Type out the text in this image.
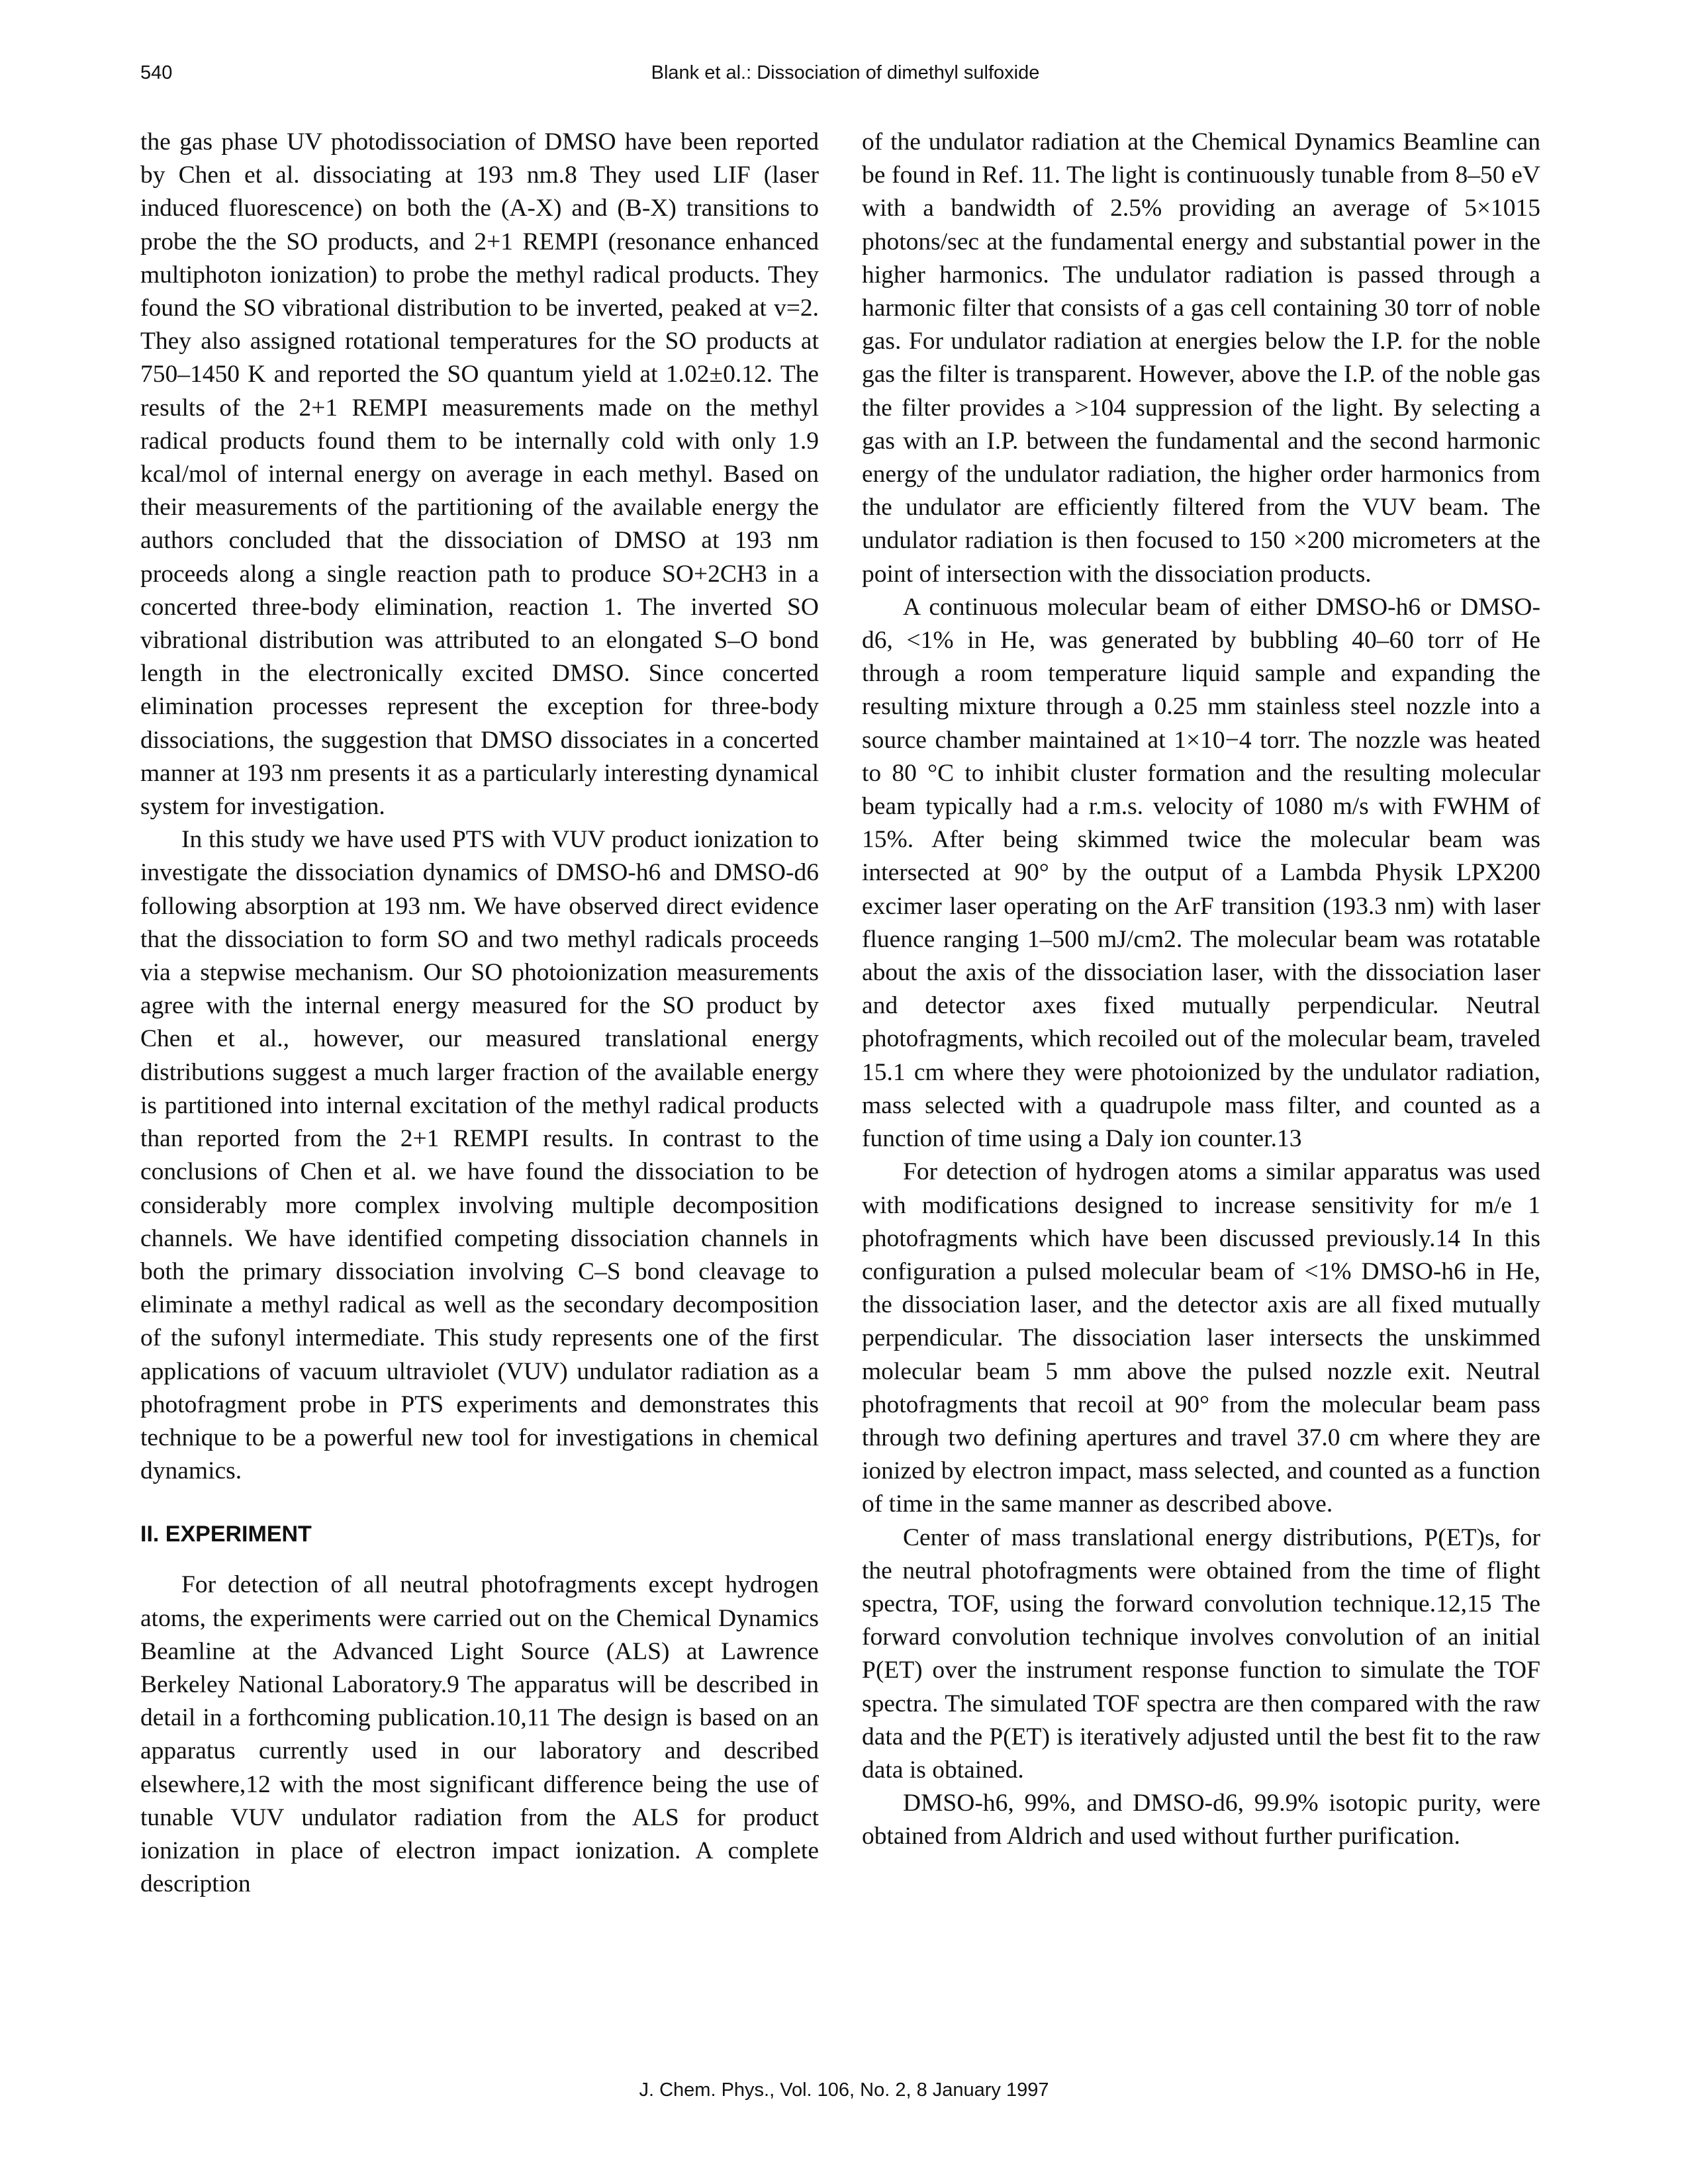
540	Blank et al.: Dissociation of dimethyl sulfoxide

the gas phase UV photodissociation of DMSO have been reported by Chen et al. dissociating at 193 nm.8 They used LIF (laser induced fluorescence) on both the (A-X) and (B-X) transitions to probe the the SO products, and 2+1 REMPI (resonance enhanced multiphoton ionization) to probe the methyl radical products. They found the SO vibrational distribution to be inverted, peaked at v=2. They also assigned rotational temperatures for the SO products at 750–1450 K and reported the SO quantum yield at 1.02±0.12. The results of the 2+1 REMPI measurements made on the methyl radical products found them to be internally cold with only 1.9 kcal/mol of internal energy on average in each methyl. Based on their measurements of the partitioning of the available energy the authors concluded that the dissociation of DMSO at 193 nm proceeds along a single reaction path to produce SO+2CH3 in a concerted three-body elimination, reaction 1. The inverted SO vibrational distribution was attributed to an elongated S–O bond length in the electronically excited DMSO. Since concerted elimination processes represent the exception for three-body dissociations, the suggestion that DMSO dissociates in a concerted manner at 193 nm presents it as a particularly interesting dynamical system for investigation.

In this study we have used PTS with VUV product ionization to investigate the dissociation dynamics of DMSO-h6 and DMSO-d6 following absorption at 193 nm. We have observed direct evidence that the dissociation to form SO and two methyl radicals proceeds via a stepwise mechanism. Our SO photoionization measurements agree with the internal energy measured for the SO product by Chen et al., however, our measured translational energy distributions suggest a much larger fraction of the available energy is partitioned into internal excitation of the methyl radical products than reported from the 2+1 REMPI results. In contrast to the conclusions of Chen et al. we have found the dissociation to be considerably more complex involving multiple decomposition channels. We have identified competing dissociation channels in both the primary dissociation involving C–S bond cleavage to eliminate a methyl radical as well as the secondary decomposition of the sufonyl intermediate. This study represents one of the first applications of vacuum ultraviolet (VUV) undulator radiation as a photofragment probe in PTS experiments and demonstrates this technique to be a powerful new tool for investigations in chemical dynamics.

II. EXPERIMENT

For detection of all neutral photofragments except hydrogen atoms, the experiments were carried out on the Chemical Dynamics Beamline at the Advanced Light Source (ALS) at Lawrence Berkeley National Laboratory.9 The apparatus will be described in detail in a forthcoming publication.10,11 The design is based on an apparatus currently used in our laboratory and described elsewhere,12 with the most significant difference being the use of tunable VUV undulator radiation from the ALS for product ionization in place of electron impact ionization. A complete description

of the undulator radiation at the Chemical Dynamics Beamline can be found in Ref. 11. The light is continuously tunable from 8–50 eV with a bandwidth of 2.5% providing an average of 5×1015 photons/sec at the fundamental energy and substantial power in the higher harmonics. The undulator radiation is passed through a harmonic filter that consists of a gas cell containing 30 torr of noble gas. For undulator radiation at energies below the I.P. for the noble gas the filter is transparent. However, above the I.P. of the noble gas the filter provides a >104 suppression of the light. By selecting a gas with an I.P. between the fundamental and the second harmonic energy of the undulator radiation, the higher order harmonics from the undulator are efficiently filtered from the VUV beam. The undulator radiation is then focused to 150 ×200 micrometers at the point of intersection with the dissociation products.

A continuous molecular beam of either DMSO-h6 or DMSO-d6, <1% in He, was generated by bubbling 40–60 torr of He through a room temperature liquid sample and expanding the resulting mixture through a 0.25 mm stainless steel nozzle into a source chamber maintained at 1×10−4 torr. The nozzle was heated to 80 °C to inhibit cluster formation and the resulting molecular beam typically had a r.m.s. velocity of 1080 m/s with FWHM of 15%. After being skimmed twice the molecular beam was intersected at 90° by the output of a Lambda Physik LPX200 excimer laser operating on the ArF transition (193.3 nm) with laser fluence ranging 1–500 mJ/cm2. The molecular beam was rotatable about the axis of the dissociation laser, with the dissociation laser and detector axes fixed mutually perpendicular. Neutral photofragments, which recoiled out of the molecular beam, traveled 15.1 cm where they were photoionized by the undulator radiation, mass selected with a quadrupole mass filter, and counted as a function of time using a Daly ion counter.13

For detection of hydrogen atoms a similar apparatus was used with modifications designed to increase sensitivity for m/e 1 photofragments which have been discussed previously.14 In this configuration a pulsed molecular beam of <1% DMSO-h6 in He, the dissociation laser, and the detector axis are all fixed mutually perpendicular. The dissociation laser intersects the unskimmed molecular beam 5 mm above the pulsed nozzle exit. Neutral photofragments that recoil at 90° from the molecular beam pass through two defining apertures and travel 37.0 cm where they are ionized by electron impact, mass selected, and counted as a function of time in the same manner as described above.

Center of mass translational energy distributions, P(ET)s, for the neutral photofragments were obtained from the time of flight spectra, TOF, using the forward convolution technique.12,15 The forward convolution technique involves convolution of an initial P(ET) over the instrument response function to simulate the TOF spectra. The simulated TOF spectra are then compared with the raw data and the P(ET) is iteratively adjusted until the best fit to the raw data is obtained.

DMSO-h6, 99%, and DMSO-d6, 99.9% isotopic purity, were obtained from Aldrich and used without further purification.

J. Chem. Phys., Vol. 106, No. 2, 8 January 1997
